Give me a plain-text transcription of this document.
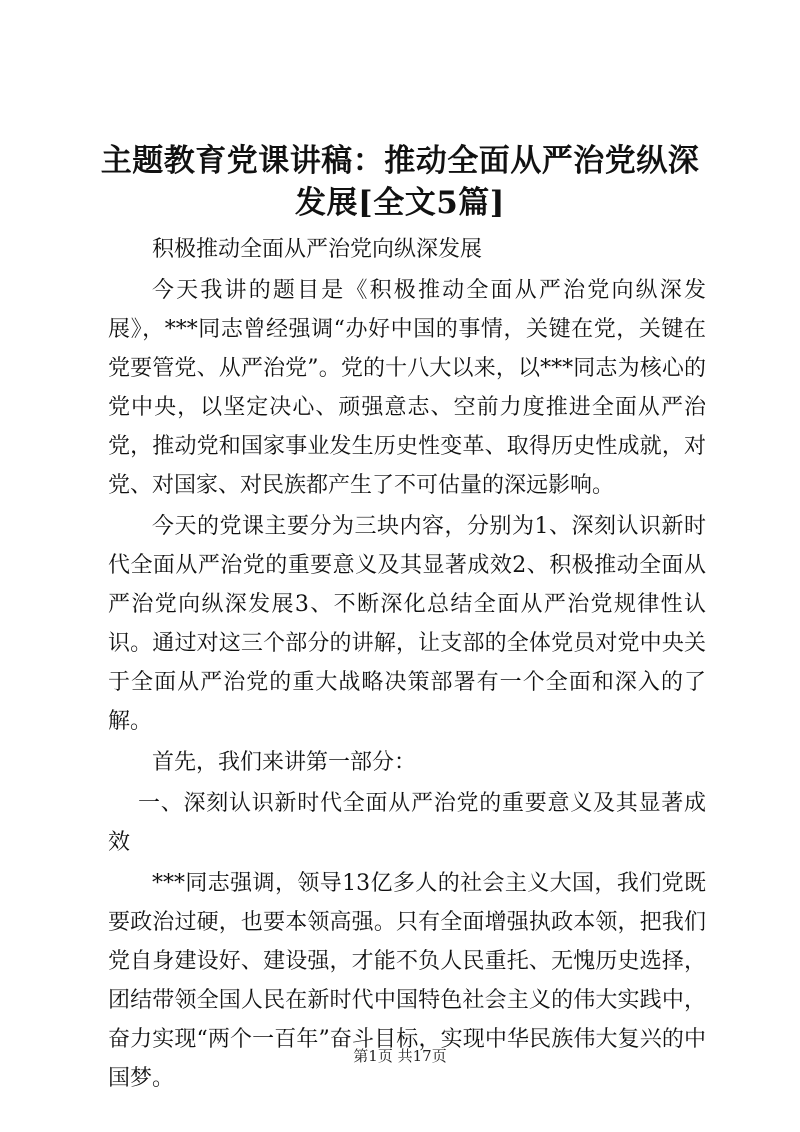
主题教育党课讲稿：推动全面从严治党纵深发展[全文5篇]

积极推动全面从严治党向纵深发展

今天我讲的题目是《积极推动全面从严治党向纵深发展》，***同志曾经强调“办好中国的事情，关键在党，关键在党要管党、从严治党”。党的十八大以来，以***同志为核心的党中央，以坚定决心、顽强意志、空前力度推进全面从严治党，推动党和国家事业发生历史性变革、取得历史性成就，对党、对国家、对民族都产生了不可估量的深远影响。

今天的党课主要分为三块内容，分别为1、深刻认识新时代全面从严治党的重要意义及其显著成效2、积极推动全面从严治党向纵深发展3、不断深化总结全面从严治党规律性认识。通过对这三个部分的讲解，让支部的全体党员对党中央关于全面从严治党的重大战略决策部署有一个全面和深入的了解。

首先，我们来讲第一部分：

一、深刻认识新时代全面从严治党的重要意义及其显著成效

***同志强调，领导13亿多人的社会主义大国，我们党既要政治过硬，也要本领高强。只有全面增强执政本领，把我们党自身建设好、建设强，才能不负人民重托、无愧历史选择，团结带领全国人民在新时代中国特色社会主义的伟大实践中，奋力实现“两个一百年”奋斗目标，实现中华民族伟大复兴的中国梦。

第1页 共17页
